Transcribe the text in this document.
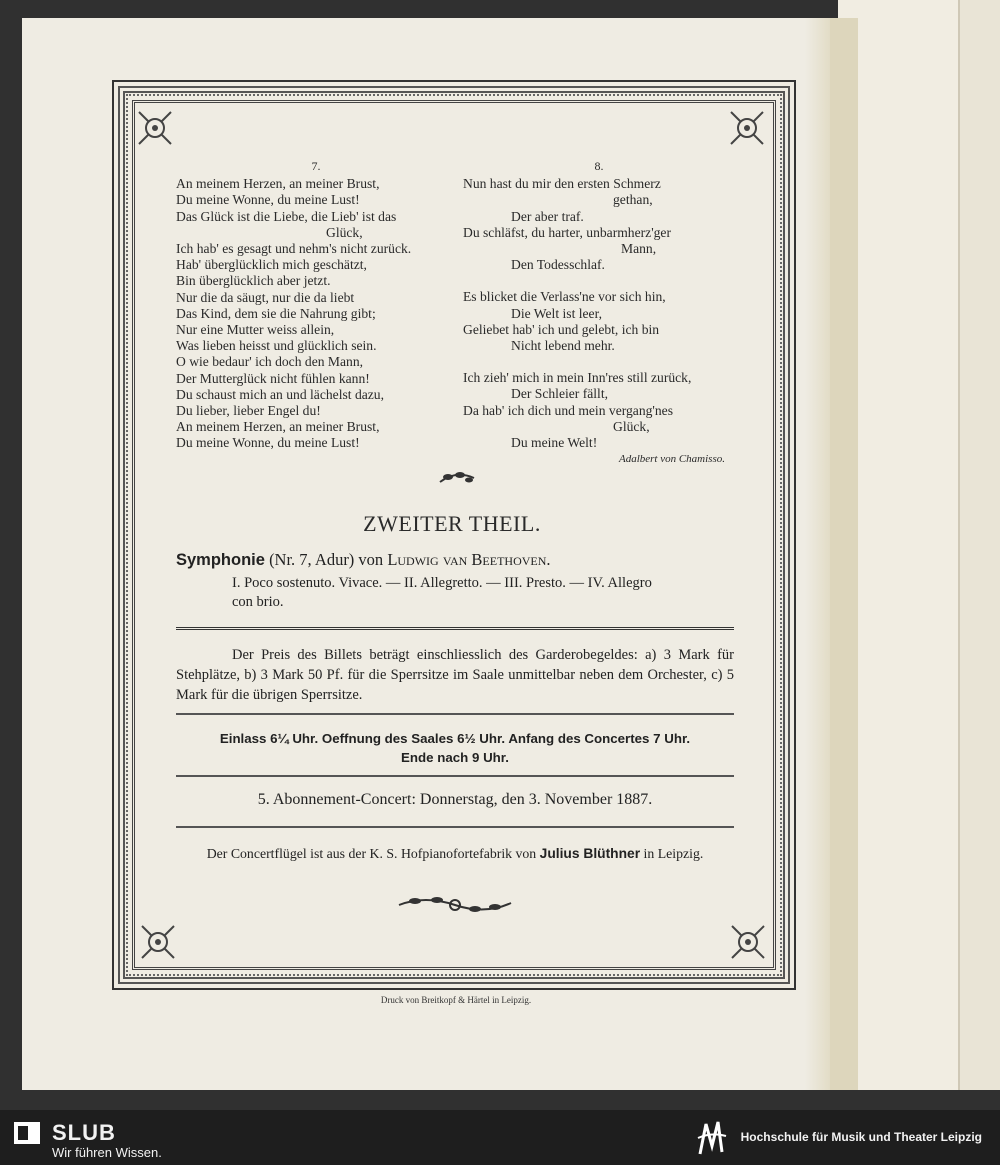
7.
An meinem Herzen, an meiner Brust,
Du meine Wonne, du meine Lust!
Das Glück ist die Liebe, die Lieb' ist das
Glück,
Ich hab' es gesagt und nehm's nicht zurück.
Hab' überglücklich mich geschätzt,
Bin überglücklich aber jetzt.
Nur die da säugt, nur die da liebt
Das Kind, dem sie die Nahrung gibt;
Nur eine Mutter weiss allein,
Was lieben heisst und glücklich sein.
O wie bedaur' ich doch den Mann,
Der Mutterglück nicht fühlen kann!
Du schaust mich an und lächelst dazu,
Du lieber, lieber Engel du!
An meinem Herzen, an meiner Brust,
Du meine Wonne, du meine Lust!
8.
Nun hast du mir den ersten Schmerz
gethan,
Der aber traf.
Du schläfst, du harter, unbarmherz'ger
Mann,
Den Todesschlaf.
Es blicket die Verlass'ne vor sich hin,
Die Welt ist leer,
Geliebet hab' ich und gelebt, ich bin
Nicht lebend mehr.
Ich zieh' mich in mein Inn'res still zurück,
Der Schleier fällt,
Da hab' ich dich und mein vergang'nes
Glück,
Du meine Welt!
Adalbert von Chamisso.
ZWEITER THEIL.
Symphonie (Nr. 7, Adur) von Ludwig van Beethoven.
I. Poco sostenuto. Vivace. — II. Allegretto. — III. Presto. — IV. Allegro
con brio.
Der Preis des Billets beträgt einschliesslich des Garderobegeldes: a) 3 Mark für Stehplätze, b) 3 Mark 50 Pf. für die Sperrsitze im Saale unmittelbar neben dem Orchester, c) 5 Mark für die übrigen Sperrsitze.
Einlass 6¼ Uhr. Oeffnung des Saales 6½ Uhr. Anfang des Concertes 7 Uhr.
Ende nach 9 Uhr.
5. Abonnement-Concert: Donnerstag, den 3. November 1887.
Der Concertflügel ist aus der K. S. Hofpianofortefabrik von Julius Blüthner in Leipzig.
Druck von Breitkopf & Härtel in Leipzig.
SLUB
Wir führen Wissen.
Hochschule für Musik und Theater Leipzig
